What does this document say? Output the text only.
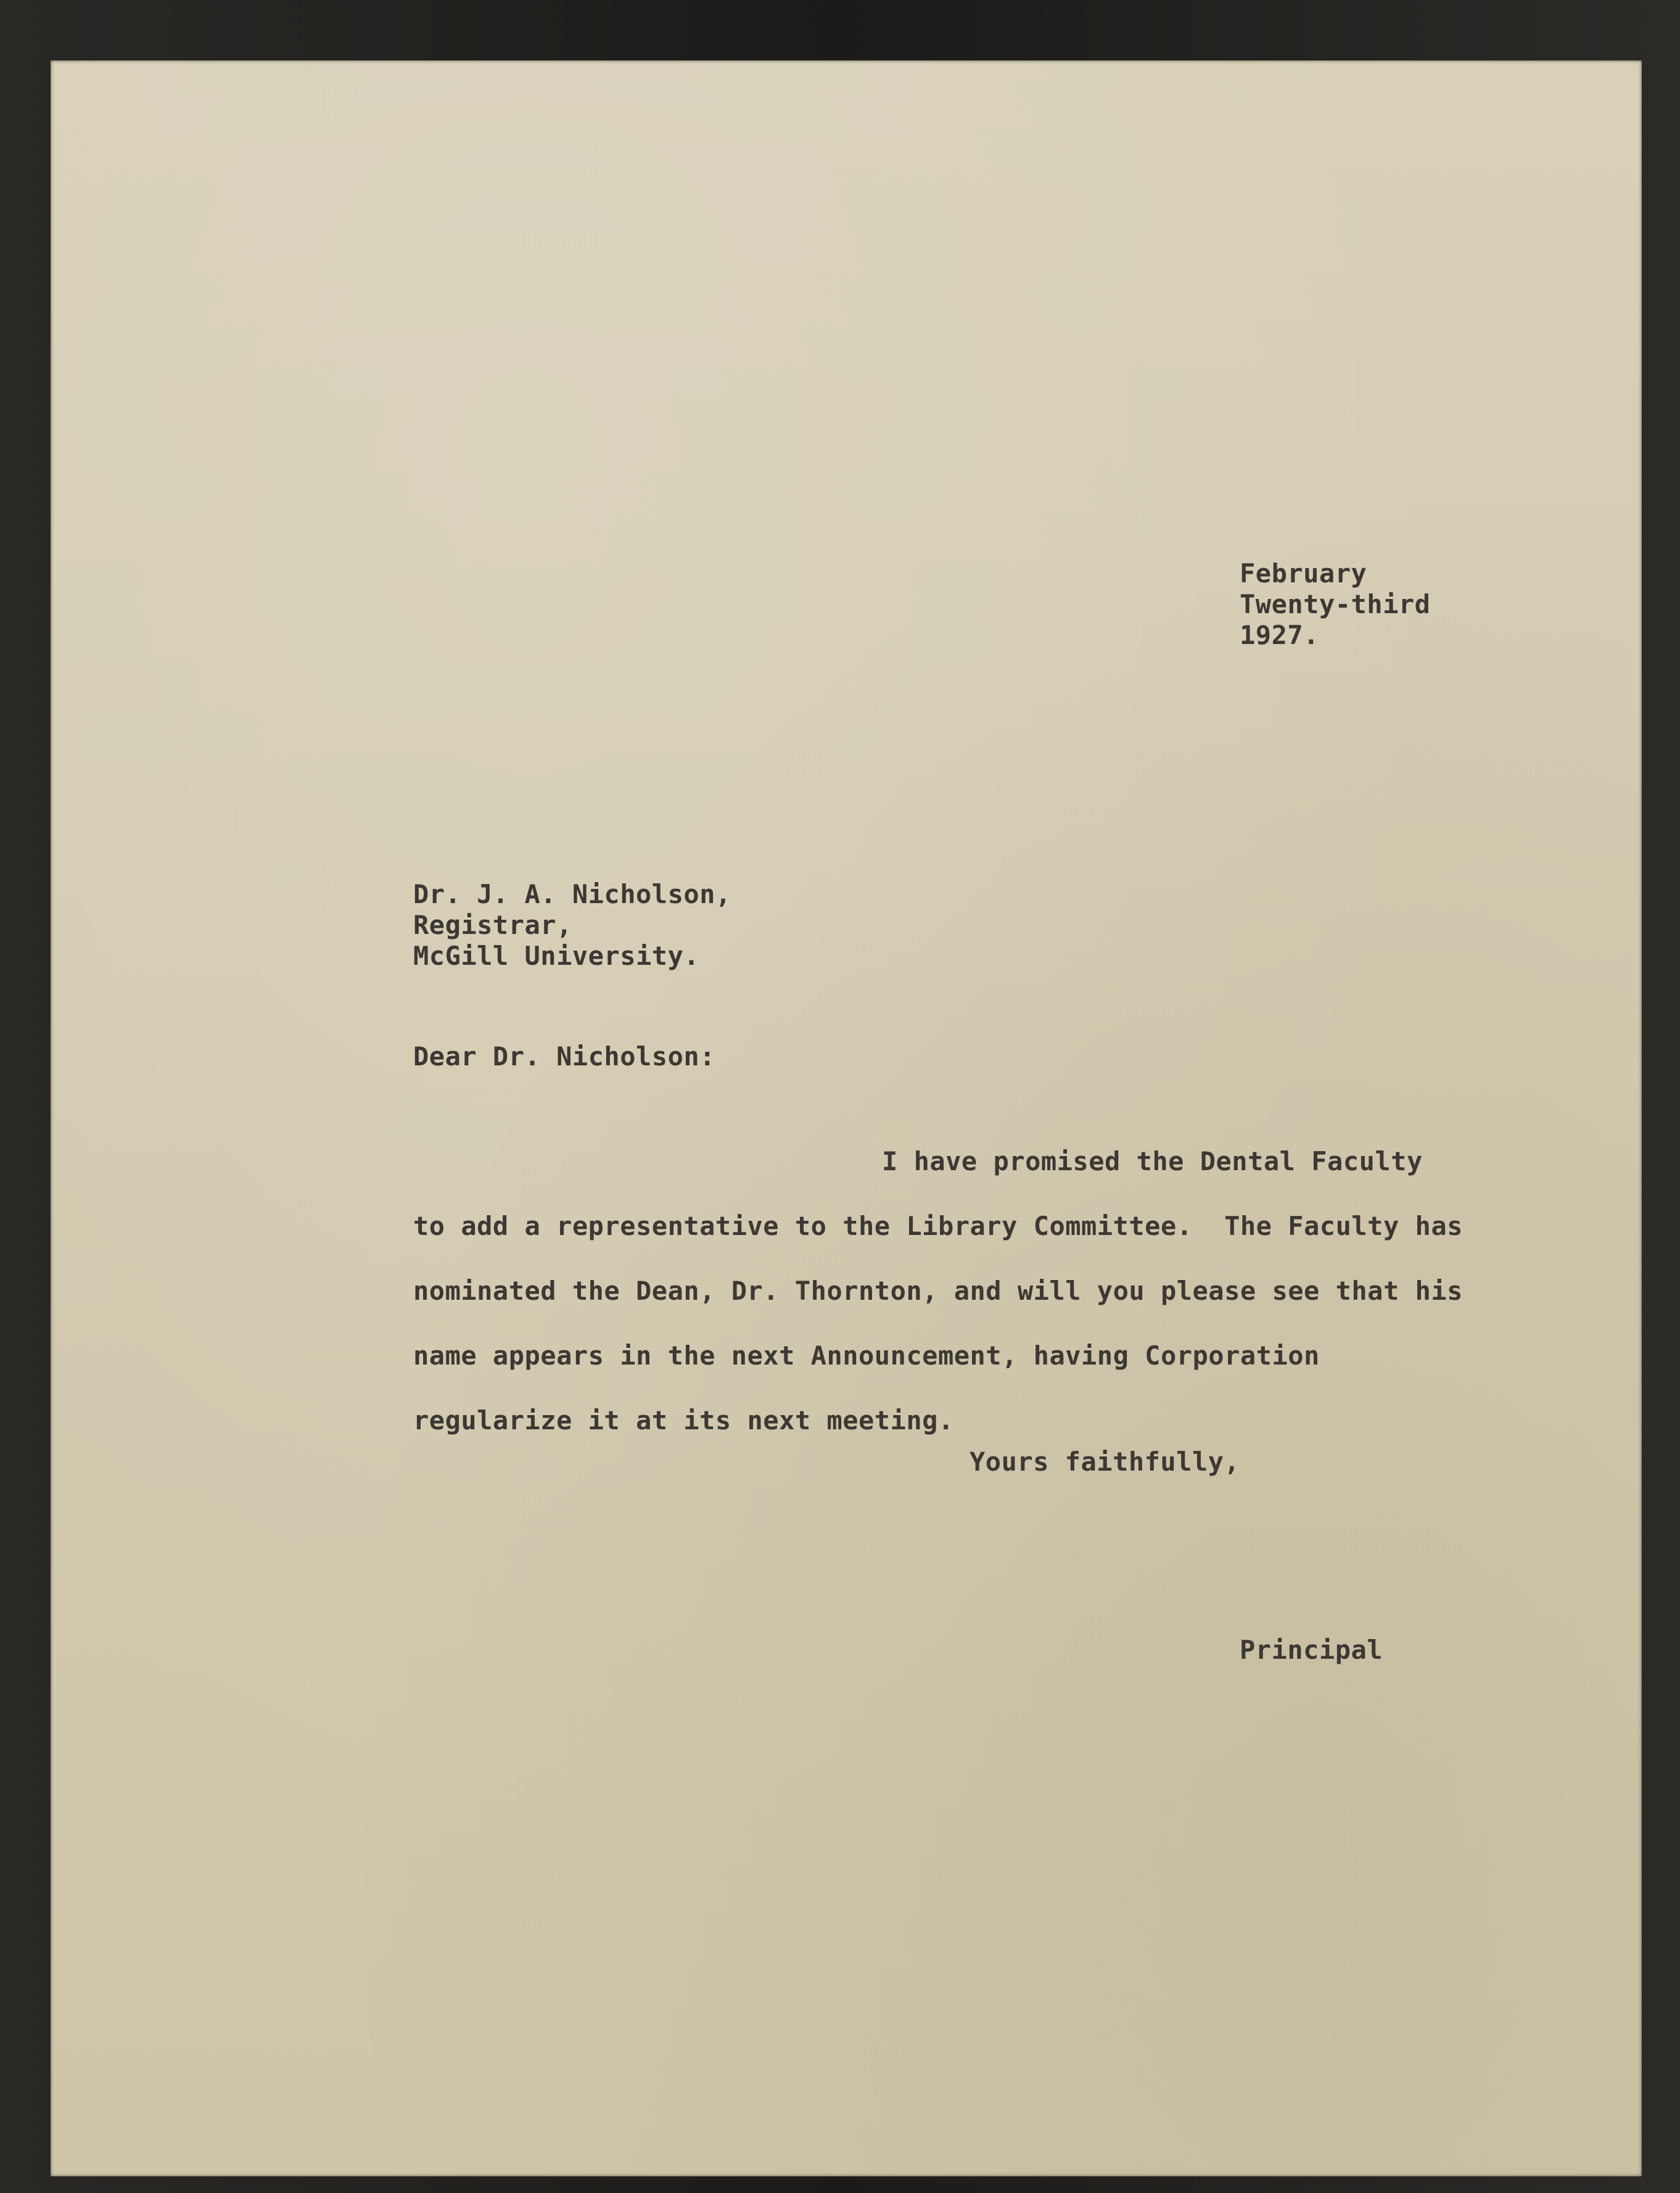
February
Twenty-third
1927.
Dr. J. A. Nicholson,
Registrar,
McGill University.
Dear Dr. Nicholson:
I have promised the Dental Faculty
to add a representative to the Library Committee.  The Faculty has
nominated the Dean, Dr. Thornton, and will you please see that his
name appears in the next Announcement, having Corporation
regularize it at its next meeting.
Yours faithfully,
Principal
